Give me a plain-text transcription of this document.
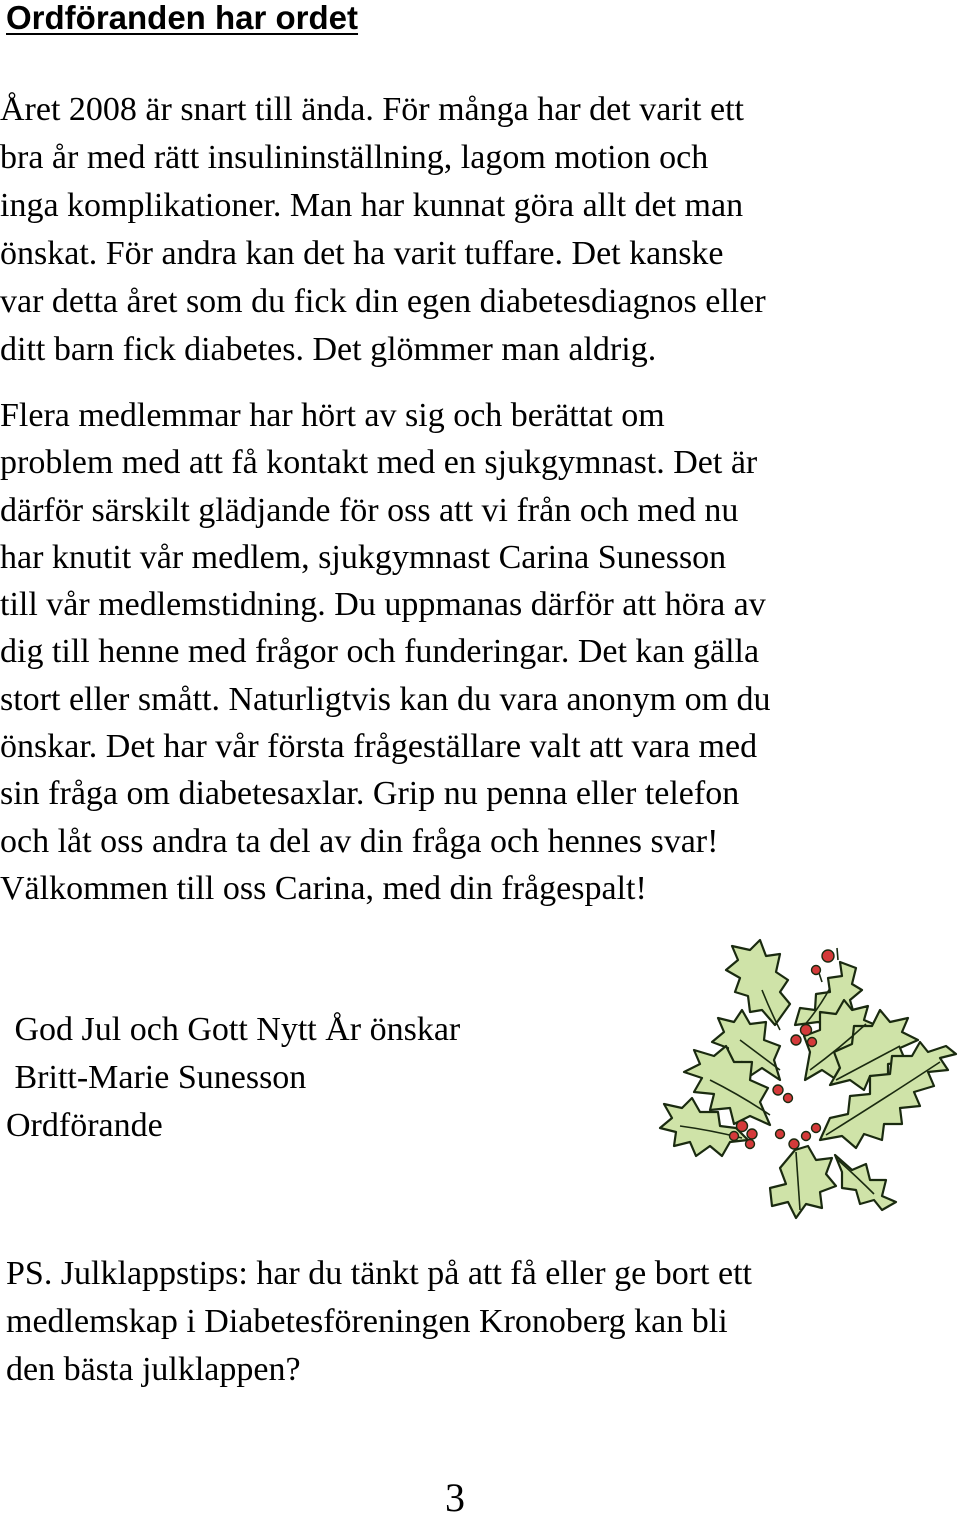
Ordföranden har ordet
Året 2008 är snart till ända. För många har det varit ett
bra år med rätt insulininställning, lagom motion och
inga komplikationer. Man har kunnat göra allt det man
önskat. För andra kan det ha varit tuffare. Det kanske
var detta året som du fick din egen diabetesdiagnos eller
ditt barn fick diabetes. Det glömmer man aldrig.
Flera medlemmar har hört av sig och berättat om
problem med att få kontakt med en sjukgymnast. Det är
därför särskilt glädjande för oss att vi från och med nu
har knutit vår medlem, sjukgymnast Carina Sunesson
till vår medlemstidning. Du uppmanas därför att höra av
dig till henne med frågor och funderingar. Det kan gälla
stort eller smått. Naturligtvis kan du vara anonym om du
önskar. Det har vår första frågeställare valt att vara med
sin fråga om diabetesaxlar. Grip nu penna eller telefon
och låt oss andra ta del av din fråga och hennes svar!
Välkommen till oss Carina, med din frågespalt!
God Jul och Gott Nytt År önskar
Britt-Marie Sunesson
Ordförande
PS. Julklappstips: har du tänkt på att få eller ge bort ett
medlemskap i Diabetesföreningen Kronoberg kan bli
den bästa julklappen?
3
